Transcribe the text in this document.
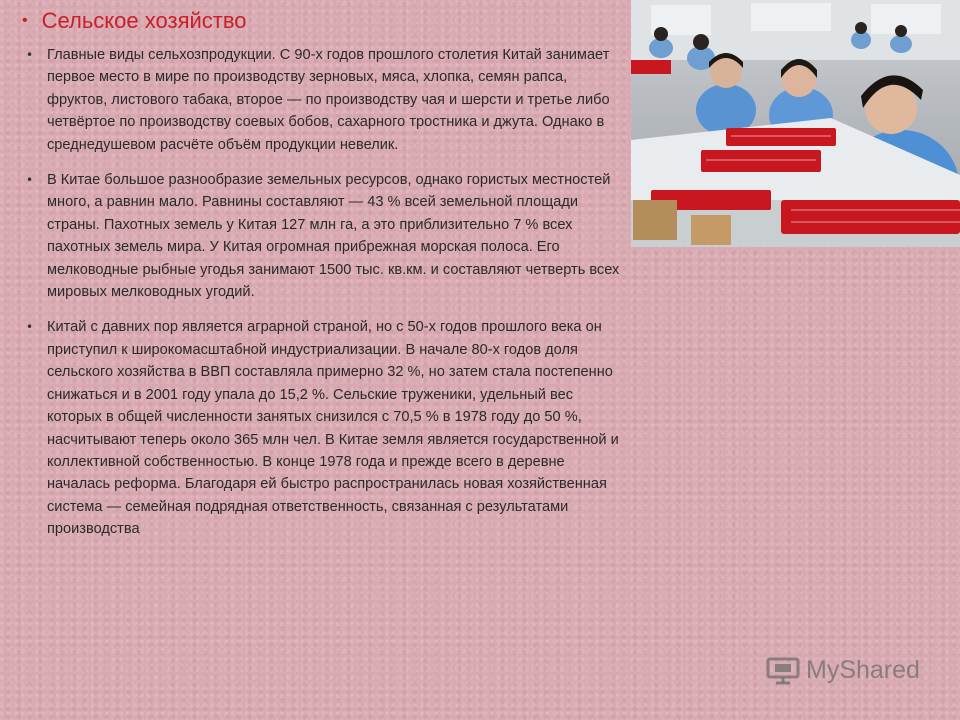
• Сельское хозяйство
• Главные виды сельхозпродукции. С 90-х годов прошлого столетия Китай занимает первое место в мире по производству зерновых, мяса, хлопка, семян рапса, фруктов, листового табака, второе — по производству чая и шерсти и третье либо четвёртое по производству соевых бобов, сахарного тростника и джута. Однако в среднедушевом расчёте объём продукции невелик.
• В Китае большое разнообразие земельных ресурсов, однако гористых местностей много, а равнин мало. Равнины составляют — 43 % всей земельной площади страны. Пахотных земель у Китая 127 млн га, а это приблизительно 7 % всех пахотных земель мира. У Китая огромная прибрежная морская полоса. Его мелководные рыбные угодья занимают 1500 тыс. кв.км. и составляют четверть всех мировых мелководных угодий.
• Китай с давних пор является аграрной страной, но с 50-х годов прошлого века он приступил к широкомасштабной индустриализации. В начале 80-х годов доля сельского хозяйства в ВВП составляла примерно 32 %, но затем стала постепенно снижаться и в 2001 году упала до 15,2 %. Сельские труженики, удельный вес которых в общей численности занятых снизился с 70,5 % в 1978 году до 50 %, насчитывают теперь около 365 млн чел. В Китае земля является государственной и коллективной собственностью. В конце 1978 года и прежде всего в деревне началась реформа. Благодаря ей быстро распространилась новая хозяйственная система — семейная подрядная ответственность, связанная с результатами производства
MyShared
